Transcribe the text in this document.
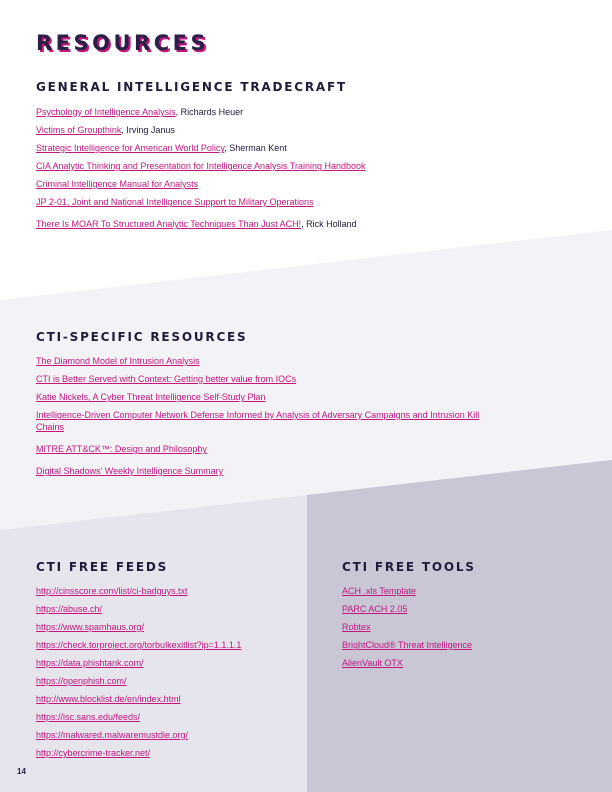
RESOURCES
GENERAL INTELLIGENCE TRADECRAFT
Psychology of Intelligence Analysis, Richards Heuer
Victims of Groupthink, Irving Janus
Strategic Intelligence for American World Policy, Sherman Kent
CIA Analytic Thinking and Presentation for Intelligence Analysis Training Handbook
Criminal Intelligence Manual for Analysts
JP 2-01, Joint and National Intelligence Support to Military Operations
There Is MOAR To Structured Analytic Techniques Than Just ACH!, Rick Holland
CTI-SPECIFIC RESOURCES
The Diamond Model of Intrusion Analysis
CTI is Better Served with Context: Getting better value from IOCs
Katie Nickels, A Cyber Threat Intelligence Self-Study Plan
Intelligence-Driven Computer Network Defense Informed by Analysis of Adversary Campaigns and Intrusion Kill Chains
MITRE ATT&CK™: Design and Philosophy
Digital Shadows' Weekly Intelligence Summary
CTI FREE FEEDS
http://cinsscore.com/list/ci-badguys.txt
https://abuse.ch/
https://www.spamhaus.org/
https://check.torproject.org/torbulkexitlist?ip=1.1.1.1
https://data.phishtank.com/
https://openphish.com/
http://www.blocklist.de/en/index.html
https://isc.sans.edu/feeds/
https://malwared.malwaremustdie.org/
http://cybercrime-tracker.net/
CTI FREE TOOLS
ACH .xls Template
PARC ACH 2.05
Robtex
BrightCloud® Threat Intelligence
AlienVault OTX
14
